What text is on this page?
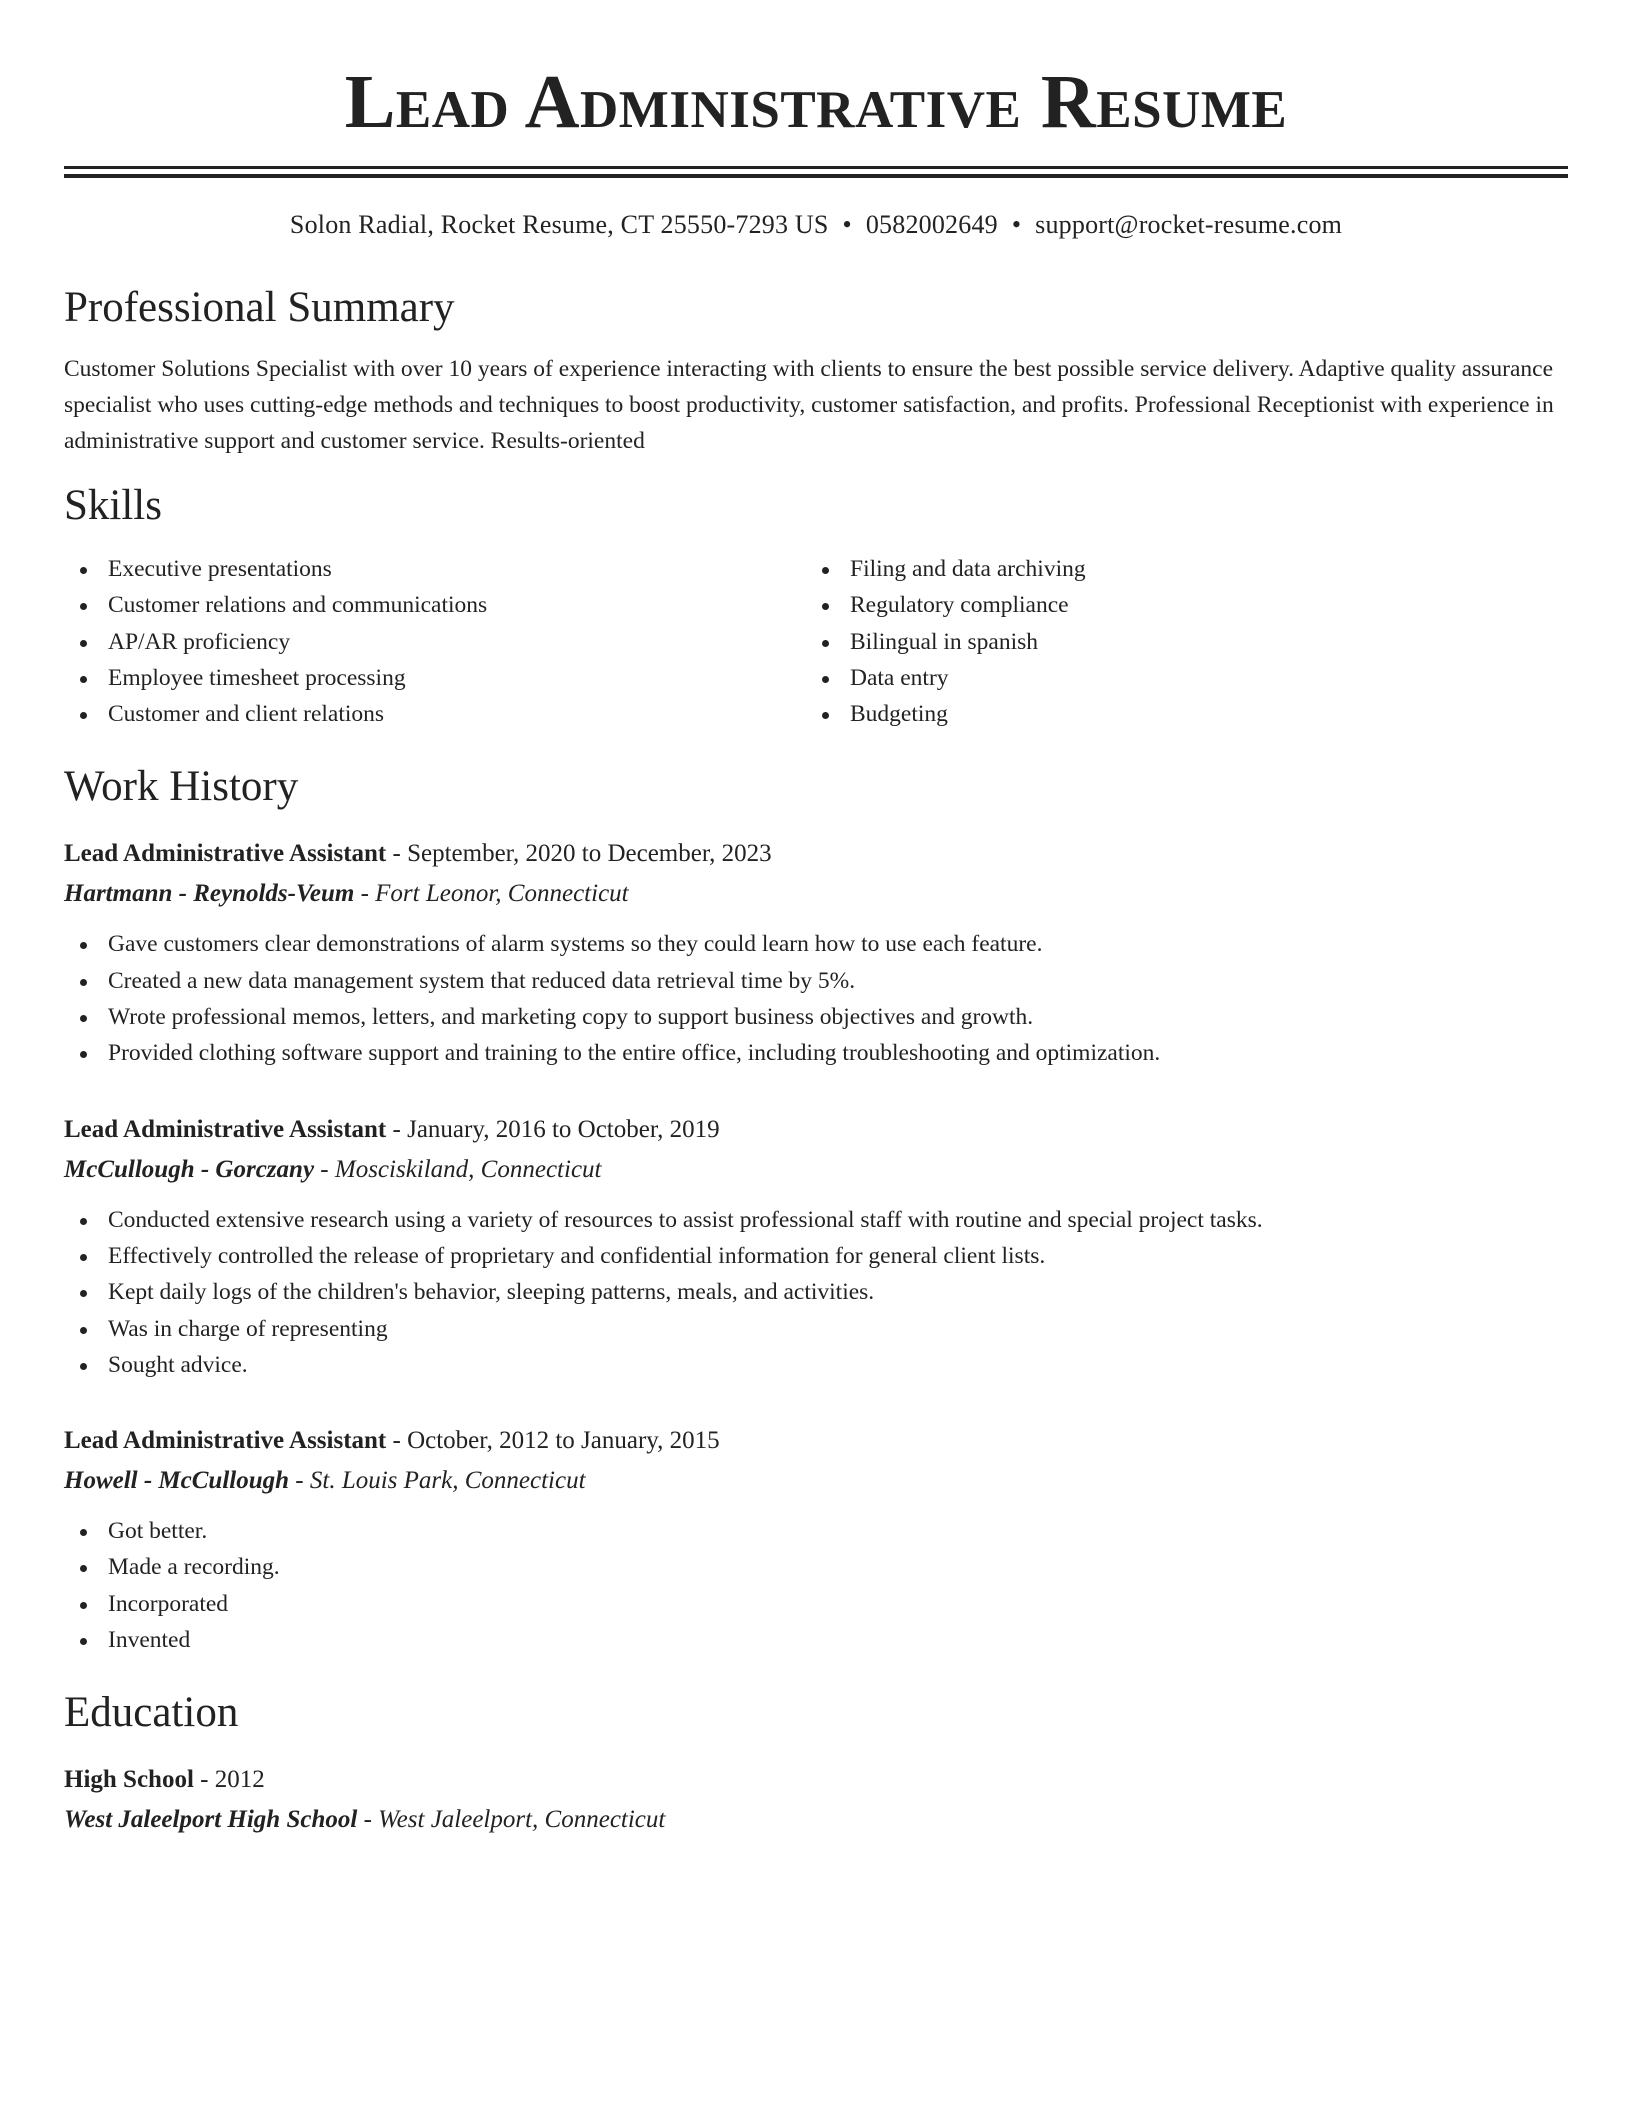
Lead Administrative Resume
Solon Radial, Rocket Resume, CT 25550-7293 US • 0582002649 • support@rocket-resume.com
Professional Summary
Customer Solutions Specialist with over 10 years of experience interacting with clients to ensure the best possible service delivery. Adaptive quality assurance specialist who uses cutting-edge methods and techniques to boost productivity, customer satisfaction, and profits. Professional Receptionist with experience in administrative support and customer service. Results-oriented
Skills
Executive presentations
Customer relations and communications
AP/AR proficiency
Employee timesheet processing
Customer and client relations
Filing and data archiving
Regulatory compliance
Bilingual in spanish
Data entry
Budgeting
Work History
Lead Administrative Assistant - September, 2020 to December, 2023
Hartmann - Reynolds-Veum - Fort Leonor, Connecticut
Gave customers clear demonstrations of alarm systems so they could learn how to use each feature.
Created a new data management system that reduced data retrieval time by 5%.
Wrote professional memos, letters, and marketing copy to support business objectives and growth.
Provided clothing software support and training to the entire office, including troubleshooting and optimization.
Lead Administrative Assistant - January, 2016 to October, 2019
McCullough - Gorczany - Mosciskiland, Connecticut
Conducted extensive research using a variety of resources to assist professional staff with routine and special project tasks.
Effectively controlled the release of proprietary and confidential information for general client lists.
Kept daily logs of the children's behavior, sleeping patterns, meals, and activities.
Was in charge of representing
Sought advice.
Lead Administrative Assistant - October, 2012 to January, 2015
Howell - McCullough - St. Louis Park, Connecticut
Got better.
Made a recording.
Incorporated
Invented
Education
High School - 2012
West Jaleelport High School - West Jaleelport, Connecticut
